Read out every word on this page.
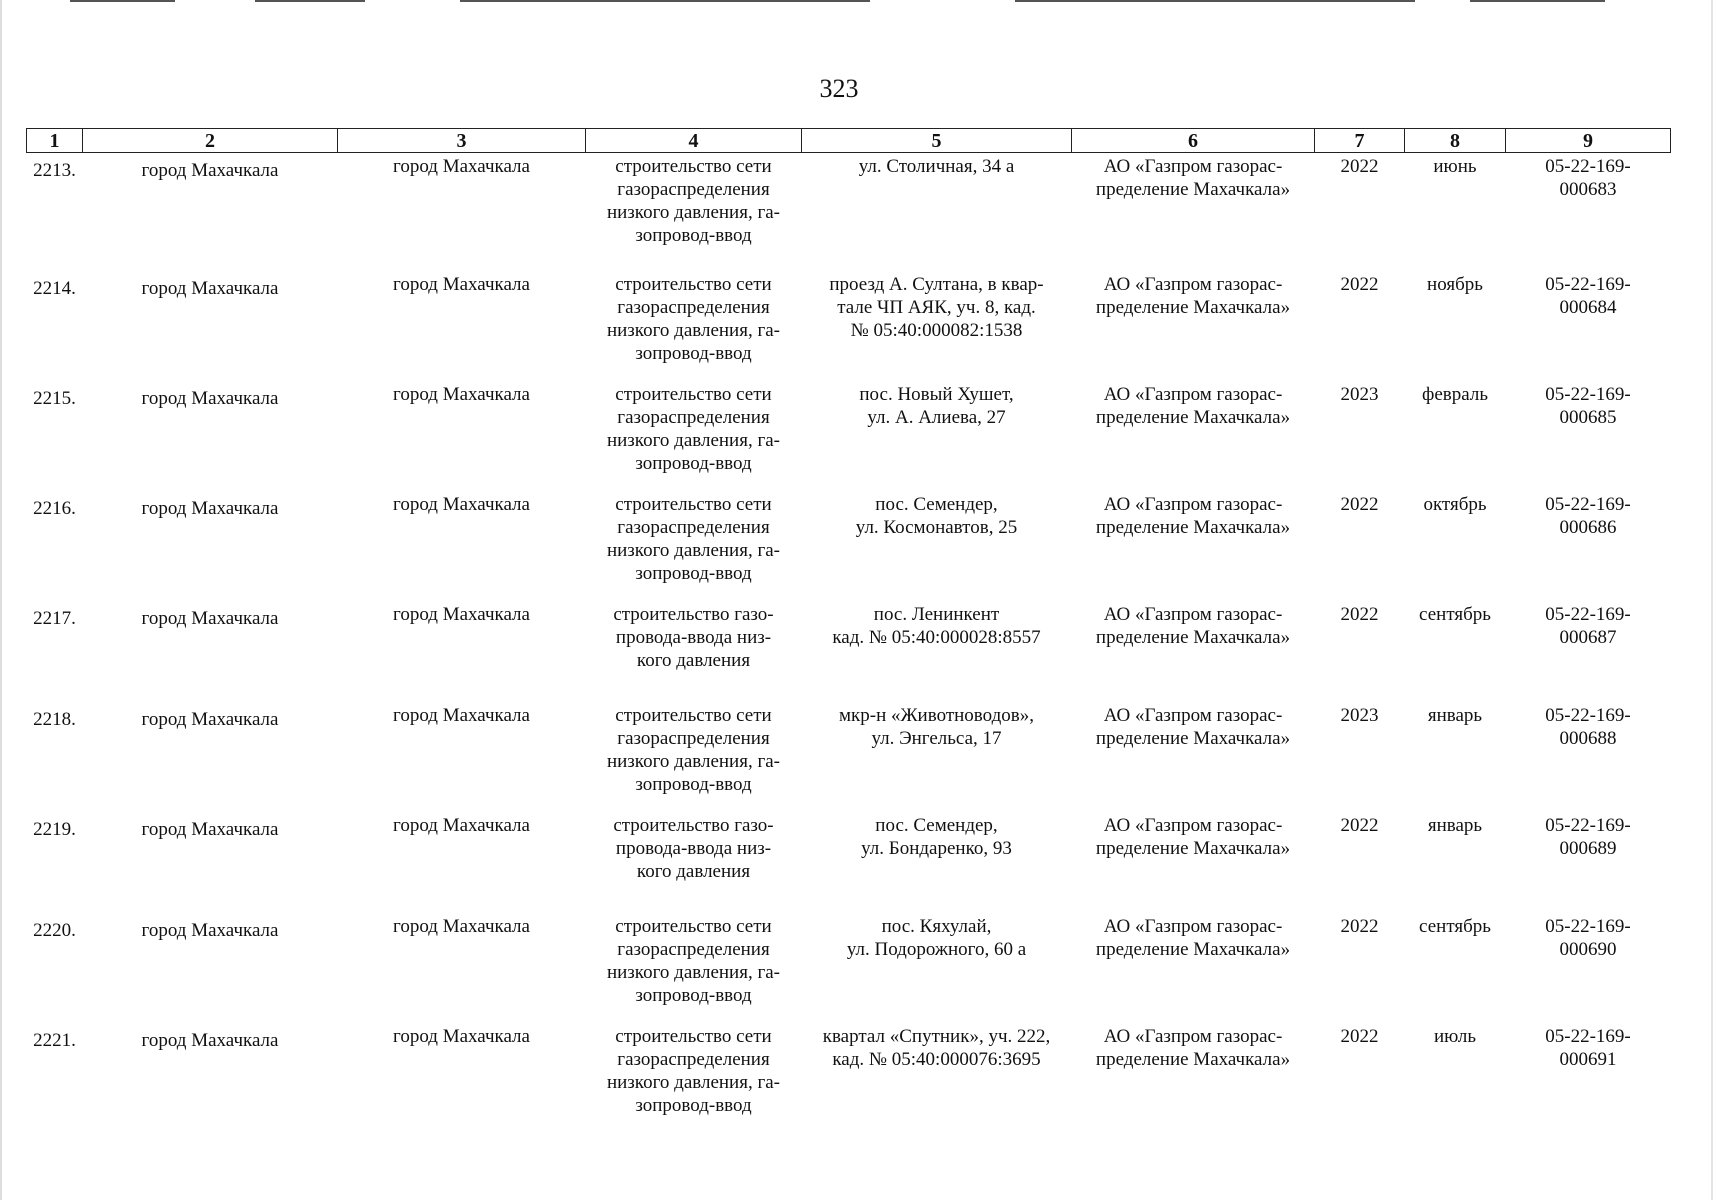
323
1	2	3	4	5	6	7	8	9
2213.	город Махачкала	город Махачкала	строительство сети
газораспределения
низкого давления, га-
зопровод-ввод	ул. Столичная, 34 а	АО «Газпром газорас-
пределение Махачкала»	2022	июнь	05-22-169-
000683
2214.	город Махачкала	город Махачкала	строительство сети
газораспределения
низкого давления, га-
зопровод-ввод	проезд А. Султана, в квар-
тале ЧП АЯК, уч. 8, кад.
№ 05:40:000082:1538	АО «Газпром газорас-
пределение Махачкала»	2022	ноябрь	05-22-169-
000684
2215.	город Махачкала	город Махачкала	строительство сети
газораспределения
низкого давления, га-
зопровод-ввод	пос. Новый Хушет,
ул. А. Алиева, 27	АО «Газпром газорас-
пределение Махачкала»	2023	февраль	05-22-169-
000685
2216.	город Махачкала	город Махачкала	строительство сети
газораспределения
низкого давления, га-
зопровод-ввод	пос. Семендер,
ул. Космонавтов, 25	АО «Газпром газорас-
пределение Махачкала»	2022	октябрь	05-22-169-
000686
2217.	город Махачкала	город Махачкала	строительство газо-
провода-ввода низ-
кого давления	пос. Ленинкент
кад. № 05:40:000028:8557	АО «Газпром газорас-
пределение Махачкала»	2022	сентябрь	05-22-169-
000687
2218.	город Махачкала	город Махачкала	строительство сети
газораспределения
низкого давления, га-
зопровод-ввод	мкр-н «Животноводов»,
ул. Энгельса, 17	АО «Газпром газорас-
пределение Махачкала»	2023	январь	05-22-169-
000688
2219.	город Махачкала	город Махачкала	строительство газо-
провода-ввода низ-
кого давления	пос. Семендер,
ул. Бондаренко, 93	АО «Газпром газорас-
пределение Махачкала»	2022	январь	05-22-169-
000689
2220.	город Махачкала	город Махачкала	строительство сети
газораспределения
низкого давления, га-
зопровод-ввод	пос. Кяхулай,
ул. Подорожного, 60 а	АО «Газпром газорас-
пределение Махачкала»	2022	сентябрь	05-22-169-
000690
2221.	город Махачкала	город Махачкала	строительство сети
газораспределения
низкого давления, га-
зопровод-ввод	квартал «Спутник», уч. 222,
кад. № 05:40:000076:3695	АО «Газпром газорас-
пределение Махачкала»	2022	июль	05-22-169-
000691
